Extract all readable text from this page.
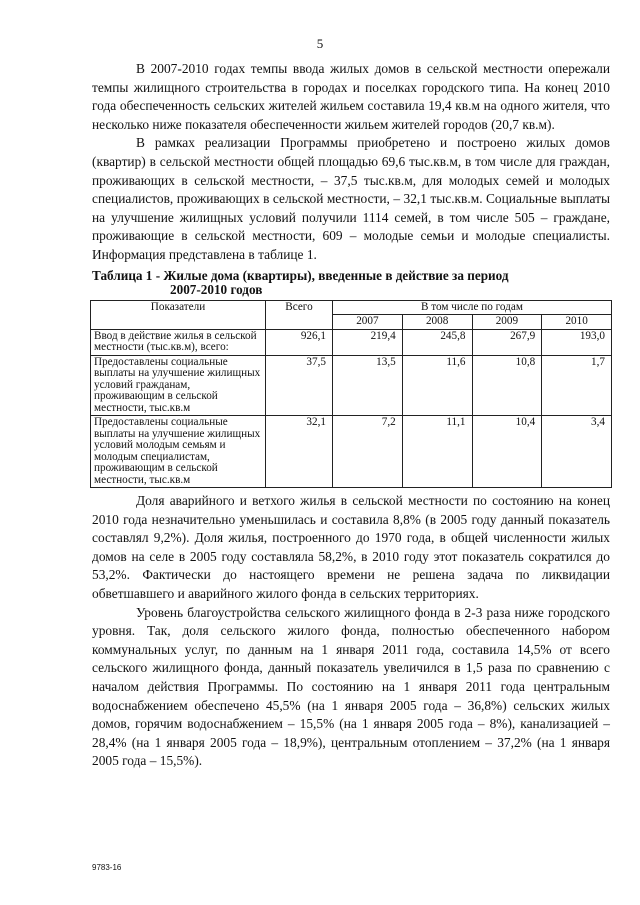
5

В 2007-2010 годах темпы ввода жилых домов в сельской местности опережали темпы жилищного строительства в городах и поселках городского типа. На конец 2010 года обеспеченность сельских жителей жильем составила 19,4 кв.м на одного жителя, что несколько ниже показателя обеспеченности жильем жителей городов (20,7 кв.м).

В рамках реализации Программы приобретено и построено жилых домов (квартир) в сельской местности общей площадью 69,6 тыс.кв.м, в том числе для граждан, проживающих в сельской местности, – 37,5 тыс.кв.м, для молодых семей и молодых специалистов, проживающих в сельской местности, – 32,1 тыс.кв.м. Социальные выплаты на улучшение жилищных условий получили 1114 семей, в том числе 505 – граждане, проживающие в сельской местности, 609 – молодые семьи и молодые специалисты. Информация представлена в таблице 1.

Таблица 1 - Жилые дома (квартиры), введенные в действие за период
2007-2010 годов
Показатели	Всего	В том числе по годам			
		2007	2008	2009	2010
Ввод в действие жилья в сельской местности (тыс.кв.м), всего:	926,1	219,4	245,8	267,9	193,0
Предоставлены социальные выплаты на улучшение жилищных условий гражданам, проживающим в сельской местности, тыс.кв.м	37,5	13,5	11,6	10,8	1,7
Предоставлены социальные выплаты на улучшение жилищных условий молодым семьям и молодым специалистам, проживающим в сельской местности, тыс.кв.м	32,1	7,2	11,1	10,4	3,4

Доля аварийного и ветхого жилья в сельской местности по состоянию на конец 2010 года незначительно уменьшилась и составила 8,8% (в 2005 году данный показатель составлял 9,2%). Доля жилья, построенного до 1970 года, в общей численности жилых домов на селе в 2005 году составляла 58,2%, в 2010 году этот показатель сократился до 53,2%. Фактически до настоящего времени не решена задача по ликвидации обветшавшего и аварийного жилого фонда в сельских территориях.

Уровень благоустройства сельского жилищного фонда в 2-3 раза ниже городского уровня. Так, доля сельского жилого фонда, полностью обеспеченного набором коммунальных услуг, по данным на 1 января 2011 года, составила 14,5% от всего сельского жилищного фонда, данный показатель увеличился в 1,5 раза по сравнению с началом действия Программы. По состоянию на 1 января 2011 года центральным водоснабжением обеспечено 45,5% (на 1 января 2005 года – 36,8%) сельских жилых домов, горячим водоснабжением – 15,5% (на 1 января 2005 года – 8%), канализацией – 28,4% (на 1 января 2005 года – 18,9%), центральным отоплением – 37,2% (на 1 января 2005 года – 15,5%).

9783-16
